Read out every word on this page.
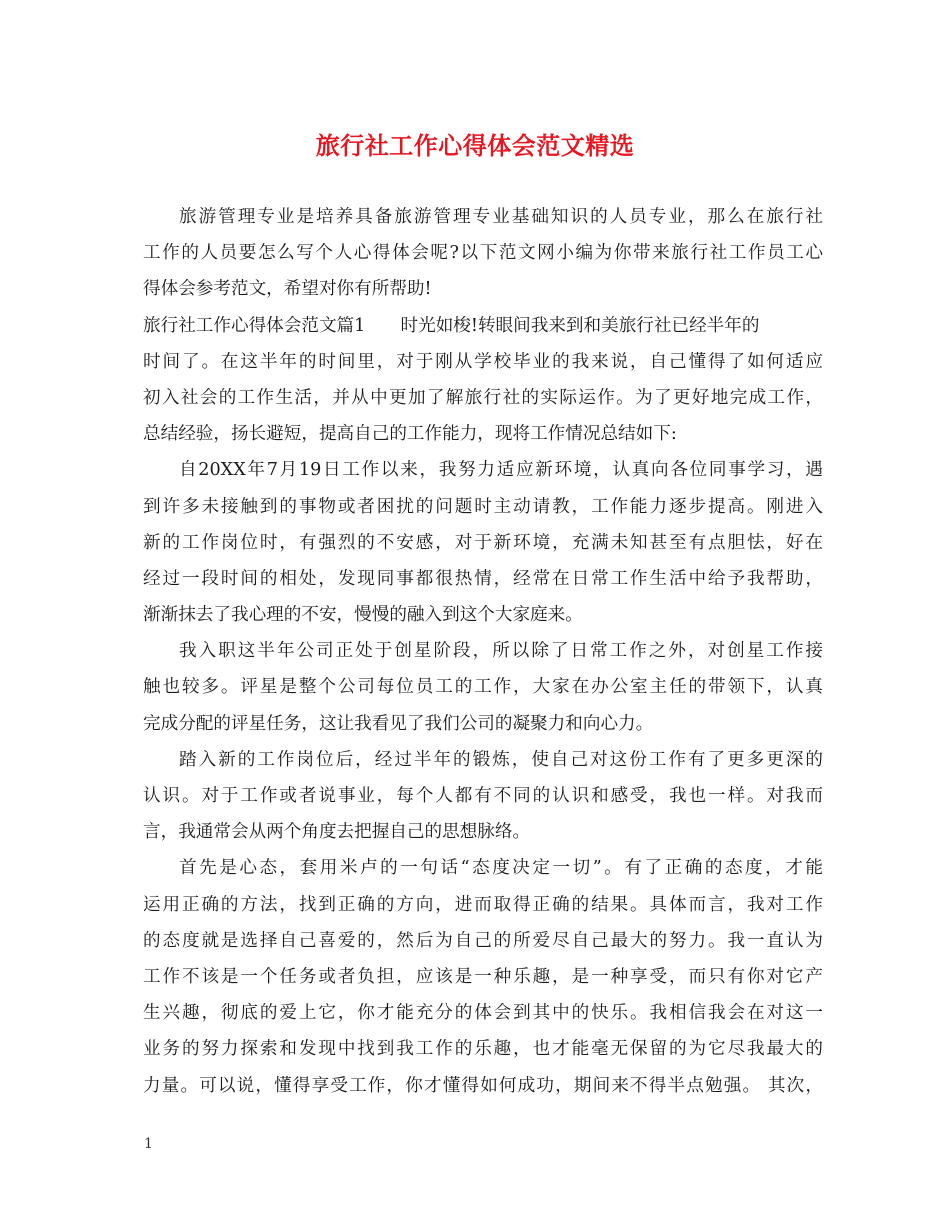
旅行社工作心得体会范文精选
旅游管理专业是培养具备旅游管理专业基础知识的人员专业，那么在旅行社
工作的人员要怎么写个人心得体会呢?以下范文网小编为你带来旅行社工作员工心
得体会参考范文，希望对你有所帮助!
旅行社工作心得体会范文篇1　　时光如梭!转眼间我来到和美旅行社已经半年的
时间了。在这半年的时间里，对于刚从学校毕业的我来说，自己懂得了如何适应
初入社会的工作生活，并从中更加了解旅行社的实际运作。为了更好地完成工作，
总结经验，扬长避短，提高自己的工作能力，现将工作情况总结如下:
自20XX年7月19日工作以来，我努力适应新环境，认真向各位同事学习，遇
到许多未接触到的事物或者困扰的问题时主动请教，工作能力逐步提高。刚进入
新的工作岗位时，有强烈的不安感，对于新环境，充满未知甚至有点胆怯，好在
经过一段时间的相处，发现同事都很热情，经常在日常工作生活中给予我帮助，
渐渐抹去了我心理的不安，慢慢的融入到这个大家庭来。
我入职这半年公司正处于创星阶段，所以除了日常工作之外，对创星工作接
触也较多。评星是整个公司每位员工的工作，大家在办公室主任的带领下，认真
完成分配的评星任务，这让我看见了我们公司的凝聚力和向心力。
踏入新的工作岗位后，经过半年的锻炼，使自己对这份工作有了更多更深的
认识。对于工作或者说事业，每个人都有不同的认识和感受，我也一样。对我而
言，我通常会从两个角度去把握自己的思想脉络。
首先是心态，套用米卢的一句话“态度决定一切”。有了正确的态度，才能
运用正确的方法，找到正确的方向，进而取得正确的结果。具体而言，我对工作
的态度就是选择自己喜爱的，然后为自己的所爱尽自己最大的努力。我一直认为
工作不该是一个任务或者负担，应该是一种乐趣，是一种享受，而只有你对它产
生兴趣，彻底的爱上它，你才能充分的体会到其中的快乐。我相信我会在对这一
业务的努力探索和发现中找到我工作的乐趣，也才能毫无保留的为它尽我最大的
力量。可以说，懂得享受工作，你才懂得如何成功，期间来不得半点勉强。 其次，
1
